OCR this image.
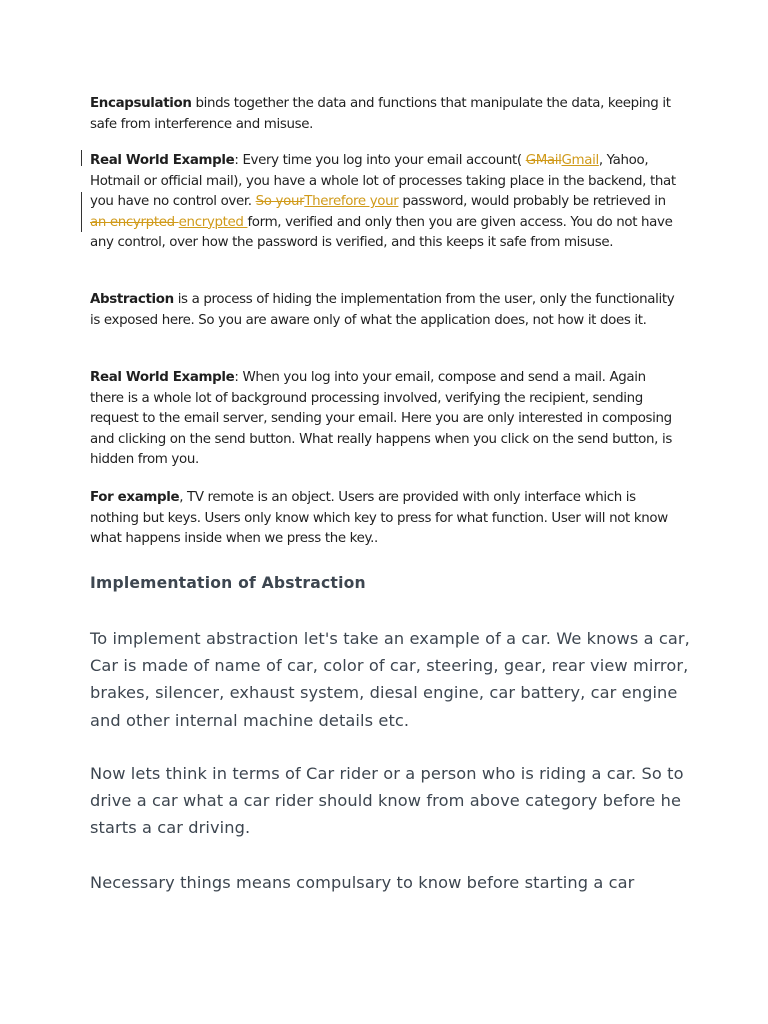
Encapsulation binds together the data and functions that manipulate the data, keeping it safe from interference and misuse.

Real World Example: Every time you log into your email account( GMailGmail, Yahoo, Hotmail or official mail), you have a whole lot of processes taking place in the backend, that you have no control over. So yourTherefore your password, would probably be retrieved in an encyrpted encrypted form, verified and only then you are given access. You do not have any control, over how the password is verified, and this keeps it safe from misuse.

Abstraction is a process of hiding the implementation from the user, only the functionality is exposed here. So you are aware only of what the application does, not how it does it.

Real World Example: When you log into your email, compose and send a mail. Again there is a whole lot of background processing involved, verifying the recipient, sending request to the email server, sending your email. Here you are only interested in composing and clicking on the send button. What really happens when you click on the send button, is hidden from you.

For example, TV remote is an object. Users are provided with only interface which is nothing but keys. Users only know which key to press for what function. User will not know what happens inside when we press the key..

Implementation of Abstraction

To implement abstraction let's take an example of a car. We knows a car, Car is made of name of car, color of car, steering, gear, rear view mirror, brakes, silencer, exhaust system, diesal engine, car battery, car engine and other internal machine details etc.

Now lets think in terms of Car rider or a person who is riding a car. So to drive a car what a car rider should know from above category before he starts a car driving.

Necessary things means compulsary to know before starting a car
